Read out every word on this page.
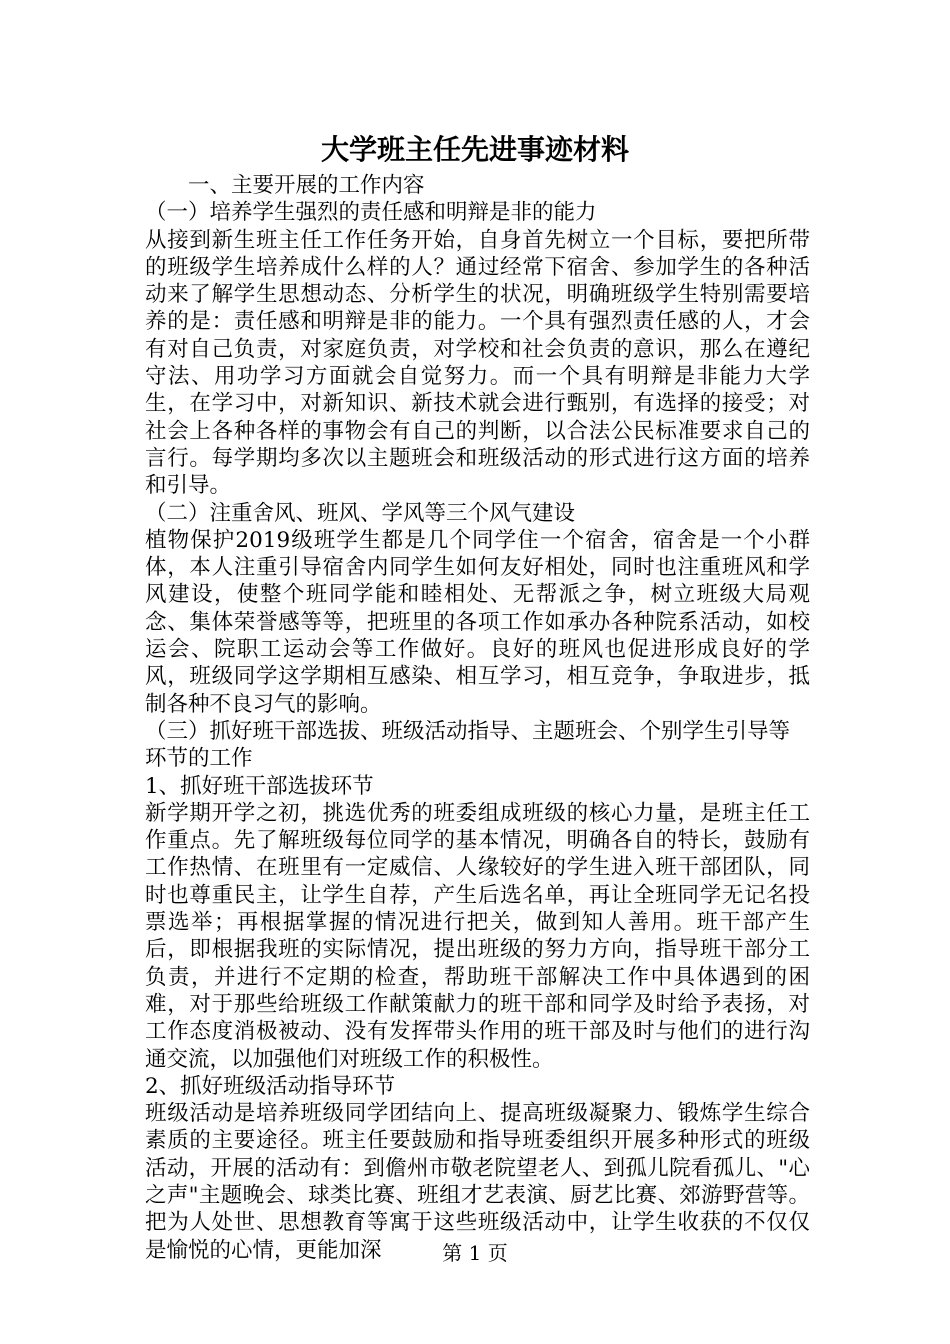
大学班主任先进事迹材料

　　一、主要开展的工作内容

（一）培养学生强烈的责任感和明辩是非的能力

从接到新生班主任工作任务开始，自身首先树立一个目标，要把所带的班级学生培养成什么样的人？通过经常下宿舍、参加学生的各种活动来了解学生思想动态、分析学生的状况，明确班级学生特别需要培养的是：责任感和明辩是非的能力。一个具有强烈责任感的人，才会有对自己负责，对家庭负责，对学校和社会负责的意识，那么在遵纪守法、用功学习方面就会自觉努力。而一个具有明辩是非能力大学生，在学习中，对新知识、新技术就会进行甄别，有选择的接受；对社会上各种各样的事物会有自己的判断，以合法公民标准要求自己的言行。每学期均多次以主题班会和班级活动的形式进行这方面的培养和引导。

（二）注重舍风、班风、学风等三个风气建设

植物保护2019级班学生都是几个同学住一个宿舍，宿舍是一个小群体，本人注重引导宿舍内同学生如何友好相处，同时也注重班风和学风建设，使整个班同学能和睦相处、无帮派之争，树立班级大局观念、集体荣誉感等等，把班里的各项工作如承办各种院系活动，如校运会、院职工运动会等工作做好。良好的班风也促进形成良好的学风，班级同学这学期相互感染、相互学习，相互竞争，争取进步，抵制各种不良习气的影响。

（三）抓好班干部选拔、班级活动指导、主题班会、个别学生引导等环节的工作

1、抓好班干部选拔环节

新学期开学之初，挑选优秀的班委组成班级的核心力量，是班主任工作重点。先了解班级每位同学的基本情况，明确各自的特长，鼓励有工作热情、在班里有一定威信、人缘较好的学生进入班干部团队，同时也尊重民主，让学生自荐，产生后选名单，再让全班同学无记名投票选举；再根据掌握的情况进行把关，做到知人善用。班干部产生后，即根据我班的实际情况，提出班级的努力方向，指导班干部分工负责，并进行不定期的检查，帮助班干部解决工作中具体遇到的困难，对于那些给班级工作献策献力的班干部和同学及时给予表扬，对工作态度消极被动、没有发挥带头作用的班干部及时与他们的进行沟通交流，以加强他们对班级工作的积极性。

2、抓好班级活动指导环节

班级活动是培养班级同学团结向上、提高班级凝聚力、锻炼学生综合素质的主要途径。班主任要鼓励和指导班委组织开展多种形式的班级活动，开展的活动有：到儋州市敬老院望老人、到孤儿院看孤儿、"心之声"主题晚会、球类比赛、班组才艺表演、厨艺比赛、郊游野营等。把为人处世、思想教育等寓于这些班级活动中，让学生收获的不仅仅是愉悦的心情，更能加深	第 1 页
